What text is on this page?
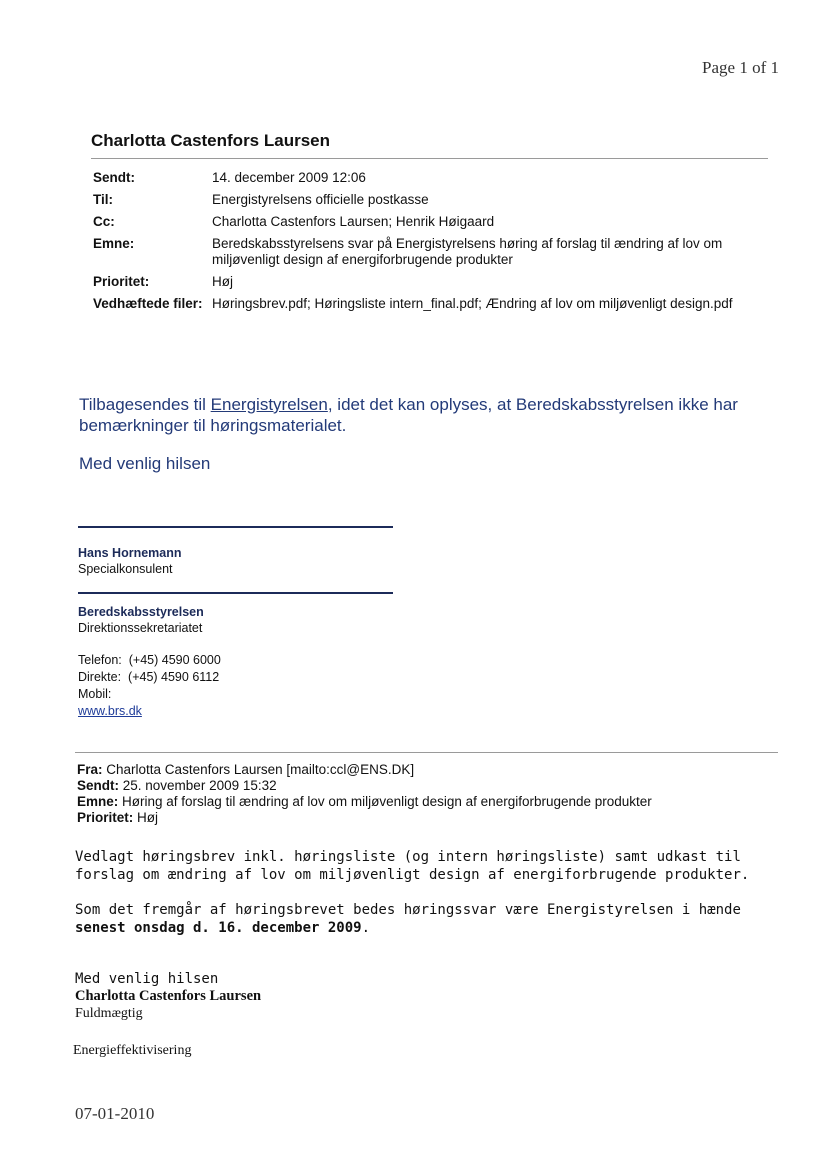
Page 1 of 1
Charlotta Castenfors Laursen
Sendt:	14. december 2009 12:06
Til:	Energistyrelsens officielle postkasse
Cc:	Charlotta Castenfors Laursen; Henrik Høigaard
Emne:	Beredskabsstyrelsens svar på Energistyrelsens høring af forslag til ændring af lov om miljøvenligt design af energiforbrugende produkter
Prioritet:	Høj
Vedhæftede filer:	Høringsbrev.pdf; Høringsliste intern_final.pdf; Ændring af lov om miljøvenligt design.pdf
Tilbagesendes til Energistyrelsen, idet det kan oplyses, at Beredskabsstyrelsen ikke har bemærkninger til høringsmaterialet.
Med venlig hilsen
Hans Hornemann
Specialkonsulent
Beredskabsstyrelsen
Direktionssekretariatet
Telefon: (+45) 4590 6000
Direkte: (+45) 4590 6112
Mobil:
www.brs.dk
Fra: Charlotta Castenfors Laursen [mailto:ccl@ENS.DK]
Sendt: 25. november 2009 15:32
Emne: Høring af forslag til ændring af lov om miljøvenligt design af energiforbrugende produkter
Prioritet: Høj
Vedlagt høringsbrev inkl. høringsliste (og intern høringsliste) samt udkast til forslag om ændring af lov om miljøvenligt design af energiforbrugende produkter.
Som det fremgår af høringsbrevet bedes høringssvar være Energistyrelsen i hænde senest onsdag d. 16. december 2009.
Med venlig hilsen
Charlotta Castenfors Laursen
Fuldmægtig
Energieffektivisering
07-01-2010
